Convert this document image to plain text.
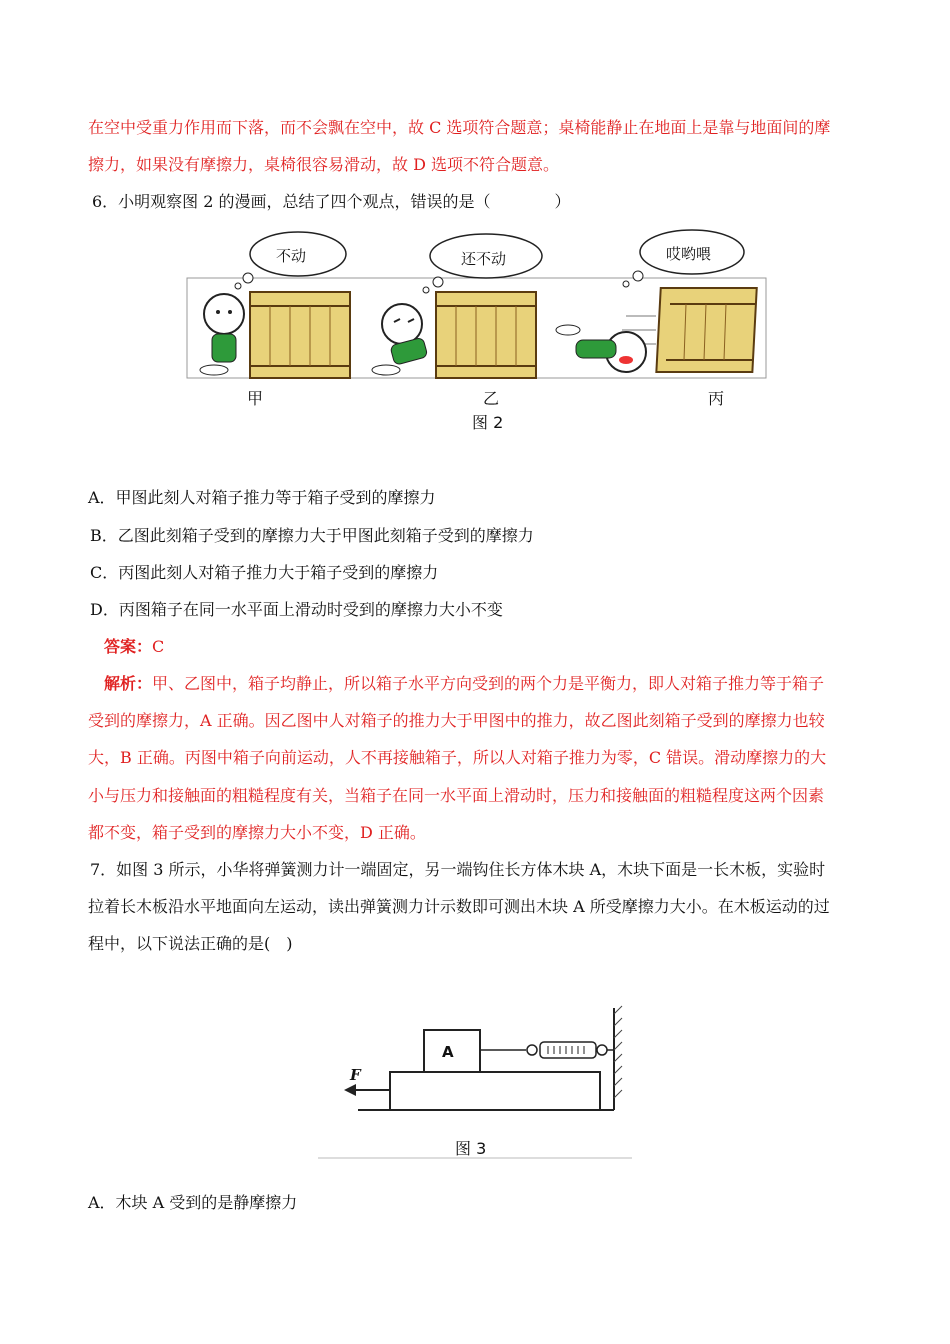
在空中受重力作用而下落，而不会飘在空中，故 C 选项符合题意；桌椅能静止在地面上是靠与地面间的摩
擦力，如果没有摩擦力，桌椅很容易滑动，故 D 选项不符合题意。
6．小明观察图 2 的漫画，总结了四个观点，错误的是（　　　　）
不动	还不动	哎哟喂
甲	乙	丙
图 2
A．甲图此刻人对箱子推力等于箱子受到的摩擦力
B．乙图此刻箱子受到的摩擦力大于甲图此刻箱子受到的摩擦力
C．丙图此刻人对箱子推力大于箱子受到的摩擦力
D．丙图箱子在同一水平面上滑动时受到的摩擦力大小不变
答案：C
解析：甲、乙图中，箱子均静止，所以箱子水平方向受到的两个力是平衡力，即人对箱子推力等于箱子
受到的摩擦力，A 正确。因乙图中人对箱子的推力大于甲图中的推力，故乙图此刻箱子受到的摩擦力也较
大，B 正确。丙图中箱子向前运动，人不再接触箱子，所以人对箱子推力为零，C 错误。滑动摩擦力的大
小与压力和接触面的粗糙程度有关，当箱子在同一水平面上滑动时，压力和接触面的粗糙程度这两个因素
都不变，箱子受到的摩擦力大小不变，D 正确。
7．如图 3 所示，小华将弹簧测力计一端固定，另一端钩住长方体木块 A，木块下面是一长木板，实验时
拉着长木板沿水平地面向左运动，读出弹簧测力计示数即可测出木块 A 所受摩擦力大小。在木板运动的过
程中，以下说法正确的是(　)
A
F
图 3
A．木块 A 受到的是静摩擦力
